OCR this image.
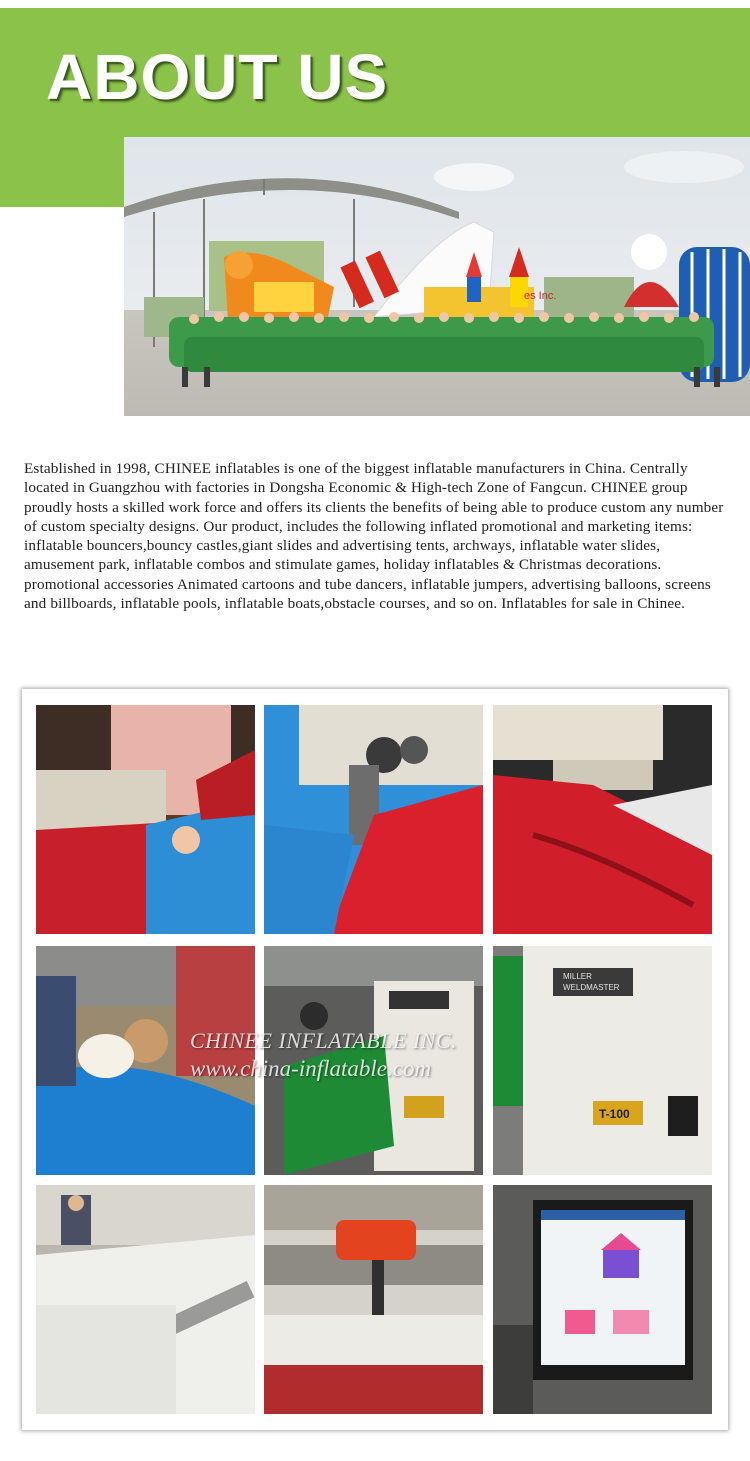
ABOUT US
es Inc.

Established in 1998, CHINEE inflatables is one of the biggest inflatable manufacturers in China. Centrally located in Guangzhou with factories in Dongsha Economic & High-tech Zone of Fangcun. CHINEE group proudly hosts a skilled work force and offers its clients the benefits of being able to produce custom any number of custom specialty designs. Our product, includes the following inflated promotional and marketing items: inflatable bouncers,bouncy castles,giant slides and advertising tents, archways, inflatable water slides, amusement park, inflatable combos and stimulate games, holiday inflatables & Christmas decorations. promotional accessories Animated cartoons and tube dancers, inflatable jumpers, advertising balloons, screens and billboards, inflatable pools, inflatable boats,obstacle courses, and so on. Inflatables for sale in Chinee.

MILLER
WELDMASTER
T-100
CHINEE INFLATABLE INC.
www.china-inflatable.com
